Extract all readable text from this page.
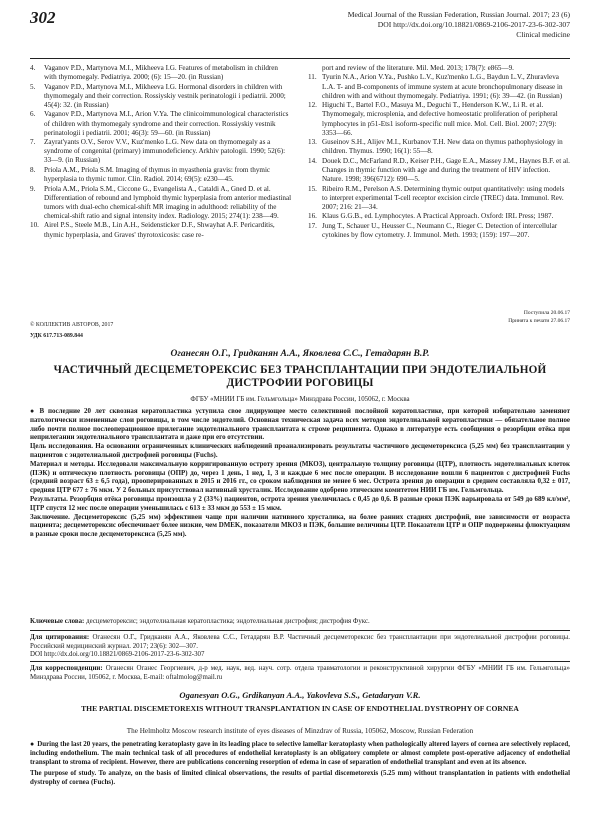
302	Medical Journal of the Russian Federation, Russian Journal. 2017; 23 (6)
DOI http://dx.doi.org/10.18821/0869-2106-2017-23-6-302-307
Clinical medicine
4. Vaganov P.D., Martynova M.I., Mikheeva I.G. Features of metabolism in children with thymomegaly. Pediatriya. 2000; (6): 15—20. (in Russian)
5. Vaganov P.D., Martynova M.I., Mikheeva I.G. Hormonal disorders in children with thymomegaly and their correction. Rossiyskiy vestnik perinatologii i pediatrii. 2000; 45(4): 32. (in Russian)
6. Vaganov P.D., Martynova M.I., Arion V.Ya. The clinicoimmunological characteristics of children with thymomegaly syndrome and their correction. Rossiyskiy vestnik perinatologii i pediatrii. 2001; 46(3): 59—60. (in Russian)
7. Zayrat'yants O.V., Serov V.V., Kuz'menko L.G. New data on thymomegaly as a syndrome of congenital (primary) immunodeficiency. Arkhiv patologii. 1990; 52(6): 33—9. (in Russian)
8. Priola A.M., Priola S.M. Imaging of thymus in myasthenia gravis: from thymic hyperplasia to thymic tumor. Clin. Radiol. 2014; 69(5): e230—45.
9. Priola A.M., Priola S.M., Ciccone G., Evangelista A., Cataldi A., Gned D. et al. Differentiation of rebound and lymphoid thymic hyperplasia from anterior mediastinal tumors with dual-echo chemical-shift MR imaging in adulthood: reliability of the chemical-shift ratio and signal intensity index. Radiology. 2015; 274(1): 238—49.
10. Airel P.S., Steele M.B., Lin A.H., Seidensticker D.F., Shwayhat A.F. Pericarditis, thymic hyperplasia, and Graves' thyrotoxicosis: case re-
port and review of the literature. Mil. Med. 2013; 178(7): e865—9.
11. Tyurin N.A., Arion V.Ya., Pushko L.V., Kuz'menko L.G., Baydun L.V., Zhuravleva L.A. T- and B-components of immune system at acute bronchopulmonary disease in children with and without thymomegaly. Pediatriya. 1991; (6): 39—42. (in Russian)
12. Higuchi T., Bartel F.O., Masuya M., Deguchi T., Henderson K.W., Li R. et al. Thymomegaly, microsplenia, and defective homeostatic proliferation of peripheral lymphocytes in p51-Ets1 isoform-specific null mice. Mol. Cell. Biol. 2007; 27(9): 3353—66.
13. Guseinov S.H., Alijev M.I., Kurbanov T.H. New data on thymus pathophysiology in children. Thymus. 1990; 16(1): 55—8.
14. Douek D.C., McFarland R.D., Keiser P.H., Gage E.A., Massey J.M., Haynes B.F. et al. Changes in thymic function with age and during the treatment of HIV infection. Nature. 1998; 396(6712): 690—5.
15. Ribeiro R.M., Perelson A.S. Determining thymic output quantitatively: using models to interpret experimental T-cell receptor excision circle (TREC) data. Immunol. Rev. 2007; 216: 21—34.
16. Klaus G.G.B., ed. Lymphocytes. A Practical Approach. Oxford: IRL Press; 1987.
17. Jung T., Schauer U., Heusser C., Neumann C., Rieger C. Detection of intercellular cytokines by flow cytometry. J. Immunol. Meth. 1993; (159): 197—207.
Поступила 20.06.17
Принята к печати 27.06.17
© КОЛЛЕКТИВ АВТОРОВ, 2017
УДК 617.713-089.844
Оганесян О.Г., Гридканян А.А., Яковлева С.С., Гетадарян В.Р.
ЧАСТИЧНЫЙ ДЕСЦЕМЕТОРЕКСИС БЕЗ ТРАНСПЛАНТАЦИИ ПРИ ЭНДОТЕЛИАЛЬНОЙ ДИСТРОФИИ РОГОВИЦЫ
ФГБУ «МНИИ ГБ им. Гельмгольца» Минздрава России, 105062, г. Москва

● В последние 20 лет сквозная кератопластика уступила свое лидирующее место селективной послойной кератопластике, при которой избирательно заменяют патологически измененные слои роговицы, в том числе эндотелий. Основная техническая задача всех методов эндотелиальной кератопластики — обязательное полное либо почти полное послеоперационное прилегание эндотелиального трансплантата к строме реципиента. Однако в литературе есть сообщения о резорбции отёка при неприлегании эндотелиального трансплантата и даже при его отсутствии.

Цель исследования. На основании ограниченных клинических наблюдений проанализировать результаты частичного десцеметорексиса (5,25 мм) без трансплантации у пациентов с эндотелиальной дистрофией роговицы (Fuchs).

Материал и методы. Исследовали максимальную корригированную остроту зрения (МКОЗ), центральную толщину роговицы (ЦТР), плотность эндотелиальных клеток (ПЭК) и оптическую плотность роговицы (ОПР) до, через 1 день, 1 нед, 1, 3 и каждые 6 мес после операции. В исследование вошли 6 пациентов с дистрофией Fuchs (средний возраст 63 ± 6,5 года), прооперированных в 2015 и 2016 гг., со сроком наблюдения не менее 6 мес. Острота зрения до операции в среднем составляла 0,32 ± 017, средняя ЦТР 677 ± 76 мкм. У 2 больных присутствовал нативный хрусталик. Исследование одобрено этическим комитетом НИИ ГБ им. Гельмгольца.

Результаты. Резорбция отёка роговицы произошла у 2 (33%) пациентов, острота зрения увеличилась с 0,45 до 0,6. В разные сроки ПЭК варьировала от 549 до 689 кл/мм², ЦТР спустя 12 мес после операции уменьшилась с 613 ± 33 мкм до 553 ± 15 мкм.

Заключение. Десцеметорексис (5,25 мм) эффективен чаще при наличии нативного хрусталика, на более ранних стадиях дистрофий, вне зависимости от возраста пациента; десцеметорексис обеспечивает более низкие, чем DMEK, показатели МКОЗ и ПЭК, большие величины ЦТР. Показатели ЦТР и ОПР подвержены флюктуациям в разные сроки после десцеметорексиса (5,25 мм).

Ключевые слова: десцеметорексис; эндотелиальная кератопластика; эндотелиальная дистрофия; дистрофия Фукс.
Для цитирования: Оганесян О.Г., Гридканян А.А., Яковлева С.С., Гетадарян В.Р. Частичный десцеметорексис без трансплантации при эндотелиальной дистрофии роговицы. Российский медицинский журнал. 2017; 23(6): 302—307.
DOI http://dx.doi.org/10.18821/0869-2106-2017-23-6-302-307
Для корреспонденции: Оганесян Оганес Георгиевич, д-р мед. наук, вед. науч. сотр. отдела травматологии и реконструктивной хирургии ФГБУ «МНИИ ГБ им. Гельмгольца» Минздрава России, 105062, г. Москва, E-mail: oftalmolog@mail.ru
Oganesyan O.G., Grdikanyan A.A., Yakovleva S.S., Getadaryan V.R.
THE PARTIAL DISCEMETOREXIS WITHOUT TRANSPLANTATION IN CASE OF ENDOTHELIAL DYSTROPHY OF CORNEA
The Helmholtz Moscow research institute of eyes diseases of Minzdrav of Russia, 105062, Moscow, Russian Federation

● During the last 20 years, the penetrating keratoplasty gave in its leading place to selective lamellar keratoplasty when pathologically altered layers of cornea are selectively replaced, including endothelium. The main technical task of all procedures of endothelial keratoplasty is an obligatory complete or almost complete post-operative adjacency of endothelial transplant to stroma of recipient. However, there are publications concerning resorption of edema in case of separation of endothelial transplant and even at its absence.

The purpose of study. To analyze, on the basis of limited clinical observations, the results of partial discemetorexis (5.25 mm) without transplantation in patients with endothelial dystrophy of cornea (Fuchs).
